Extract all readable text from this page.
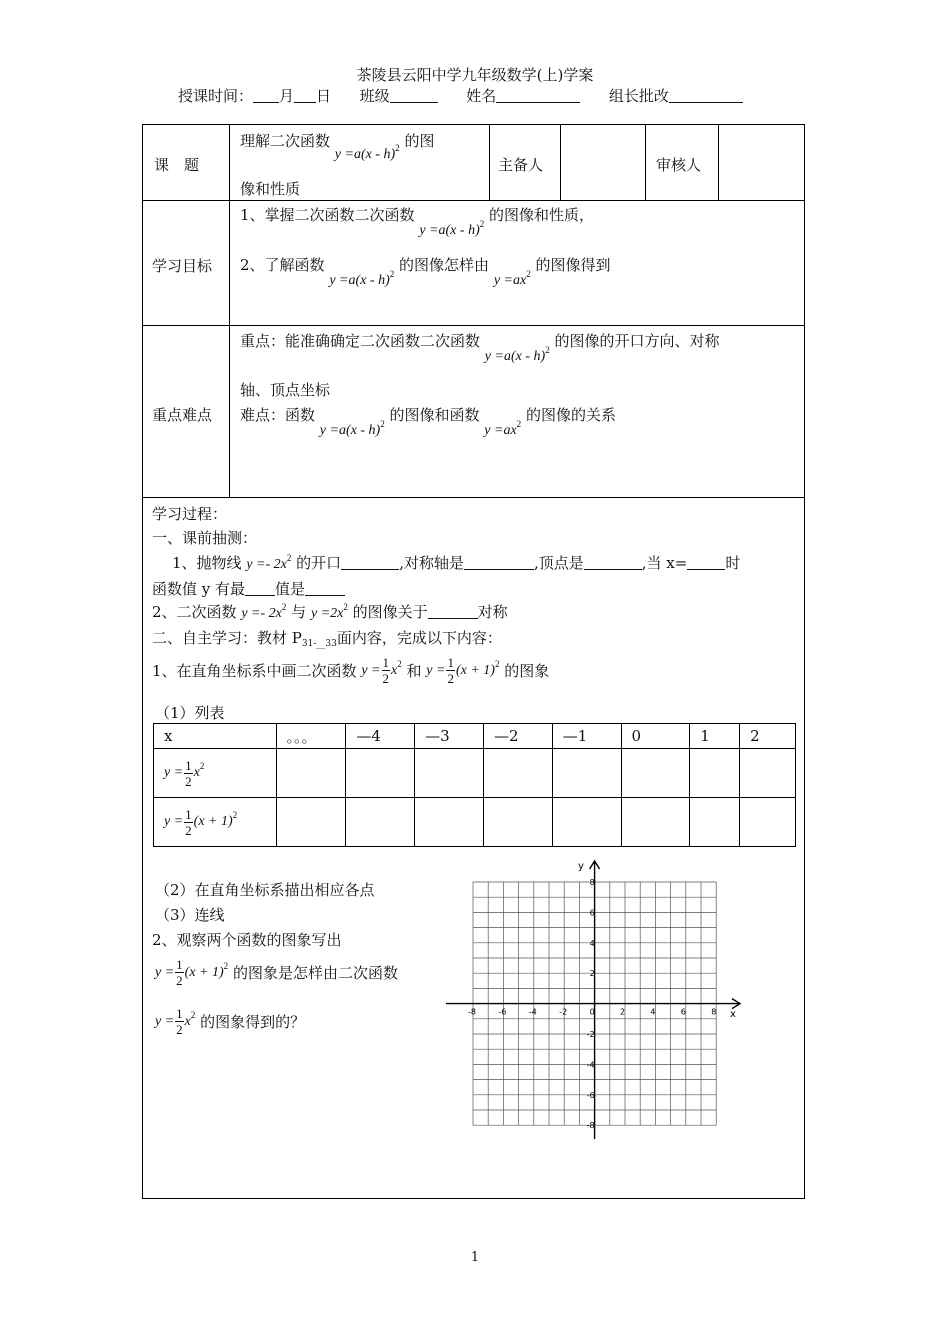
茶陵县云阳中学九年级数学(上)学案
授课时间： 月 日 班级	姓名	组长批改
课　题
理解二次函数 y =a(x - h)$^2$ 的图
像和性质
主备人	审核人
学习目标
1、掌握二次函数二次函数 y =a(x - h)$^2$ 的图像和性质，
2、了解函数 y =a(x - h)$^2$ 的图像怎样由 $y =ax^2$ 的图像得到
重点难点
重点：能准确确定二次函数二次函数 y =a(x - h)$^2$ 的图像的开口方向、对称
轴、顶点坐标
难点：函数 y =a(x - h)$^2$ 的图像和函数 $y =ax^2$ 的图像的关系
学习过程：
一、课前抽测：
1、抛物线 $y =- 2x^2$ 的开口	,对称轴是	,顶点是	,当 x=	时
函数值 y 有最 值是
2、二次函数 $y =- 2x^2$ 与 $y =2x^2$ 的图像关于	对称
二、自主学习：教材 $P_{31-\_\_33}$面内容，完成以下内容：
1、在直角坐标系中画二次函数 $y = \frac{1}{2} x^2$ 和 $y = \frac{1}{2} (x + 1)^2$ 的图象
（1）列表
x	。。。	—4	—3	—2	—1	0	1	2
$y = \frac{1}{2} x^2$								
$y = \frac{1}{2} (x + 1)^2$								
（2）在直角坐标系描出相应各点
（3）连线
2、观察两个函数的图象写出
$y = \frac{1}{2} (x + 1)^2$ 的图象是怎样由二次函数
$y = \frac{1}{2} x^2$ 的图象得到的？
-8	-6	-4	-2	0	2	4	6	8
8
6
4
2
-2
-4
-6
-8
y
x
1
